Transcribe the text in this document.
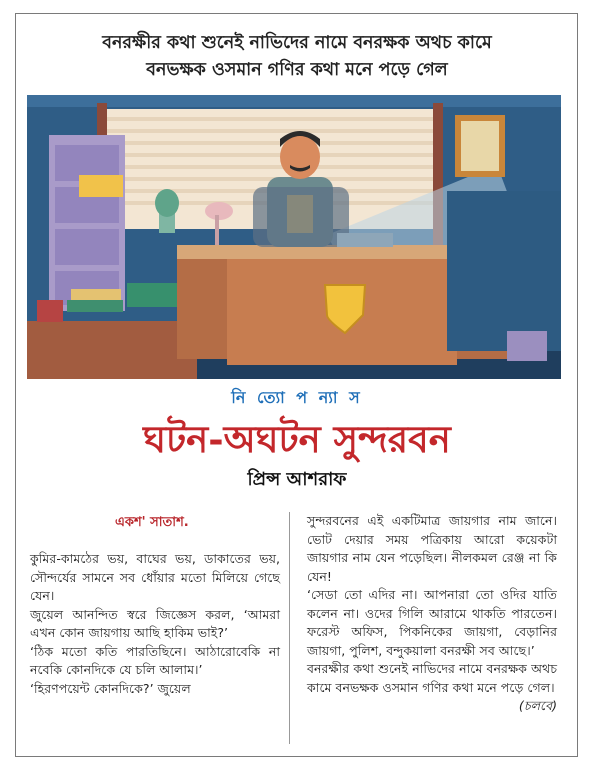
বনরক্ষীর কথা শুনেই নাভিদের নামে বনরক্ষক অথচ কামে
বনভক্ষক ওসমান গণির কথা মনে পড়ে গেল
নি ত্যো প ন্যা স
ঘটন-অঘটন সুন্দরবন
প্রিন্স আশরাফ
একশ' সাতাশ.

কুমির-কামঠের ভয়, বাঘের ভয়, ডাকাতের ভয়, সৌন্দর্যের সামনে সব ধোঁয়ার মতো মিলিয়ে গেছে যেন।

জুয়েল আনন্দিত স্বরে জিজ্ঞেস করল, ‘আমরা এখন কোন জায়গায় আছি হাকিম ভাই?’

‘ঠিক মতো কতি পারতিছিনে। আঠারোবেকি না নবেকি কোনদিকে যে চলি আলাম।’

‘হিরণপয়েন্ট কোনদিকে?’ জুয়েল

সুন্দরবনের এই একটিমাত্র জায়গার নাম জানে। ভোট দেয়ার সময় পত্রিকায় আরো কয়েকটা জায়গার নাম যেন পড়েছিল। নীলকমল রেঞ্জ না কি যেন!

‘সেডা তো এদির না। আপনারা তো ওদির যাতি কলেন না। ওদের গিলি আরামে থাকতি পারতেন। ফরেস্ট অফিস, পিকনিকের জায়গা, বেড়ানির জায়গা, পুলিশ, বন্দুকয়ালা বনরক্ষী সব আছে।’

বনরক্ষীর কথা শুনেই নাভিদের নামে বনরক্ষক অথচ কামে বনভক্ষক ওসমান গণির কথা মনে পড়ে গেল।
(চলবে)
